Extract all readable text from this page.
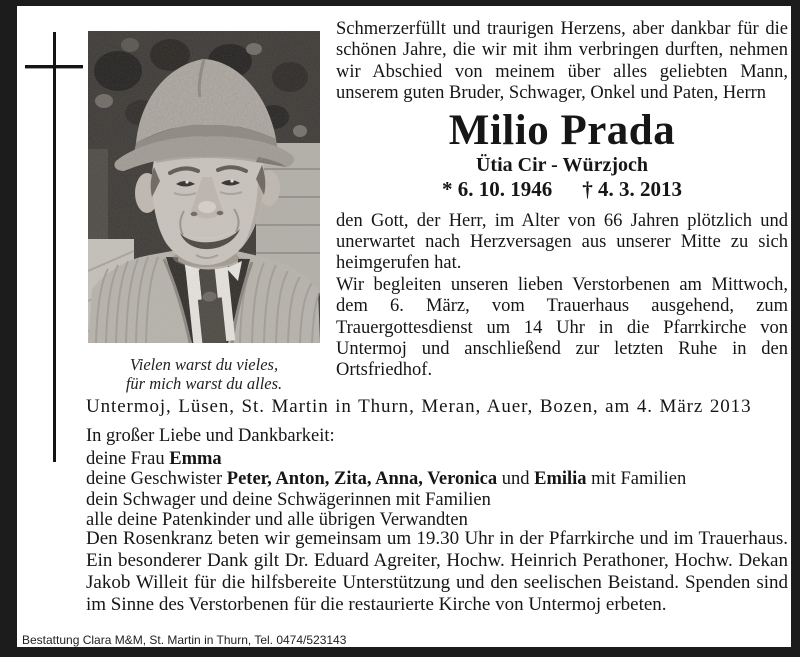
Vielen warst du vieles,
für mich warst du alles.

Schmerzerfüllt und traurigen Herzens, aber dankbar für die schönen Jahre, die wir mit ihm verbringen durften, nehmen wir Abschied von meinem über alles geliebten Mann, unserem guten Bruder, Schwager, Onkel und Paten, Herrn

Milio Prada
Ütia Cir - Würzjoch
* 6. 10. 1946 † 4. 3. 2013

den Gott, der Herr, im Alter von 66 Jahren plötzlich und unerwartet nach Herzversagen aus unserer Mitte zu sich heimgerufen hat.

Wir begleiten unseren lieben Verstorbenen am Mittwoch, dem 6. März, vom Trauerhaus ausgehend, zum Trauergottesdienst um 14 Uhr in die Pfarrkirche von Untermoj und anschließend zur letzten Ruhe in den Ortsfriedhof.

Untermoj, Lüsen, St. Martin in Thurn, Meran, Auer, Bozen, am 4. März 2013
In großer Liebe und Dankbarkeit:
deine Frau Emma
deine Geschwister Peter, Anton, Zita, Anna, Veronica und Emilia mit Familien
dein Schwager und deine Schwägerinnen mit Familien
alle deine Patenkinder und alle übrigen Verwandten

Den Rosenkranz beten wir gemeinsam um 19.30 Uhr in der Pfarrkirche und im Trauerhaus. Ein besonderer Dank gilt Dr. Eduard Agreiter, Hochw. Heinrich Perathoner, Hochw. Dekan Jakob Willeit für die hilfsbereite Unterstützung und den seelischen Beistand. Spenden sind im Sinne des Verstorbenen für die restaurierte Kirche von Untermoj erbeten.

Bestattung Clara M&M, St. Martin in Thurn, Tel. 0474/523143
